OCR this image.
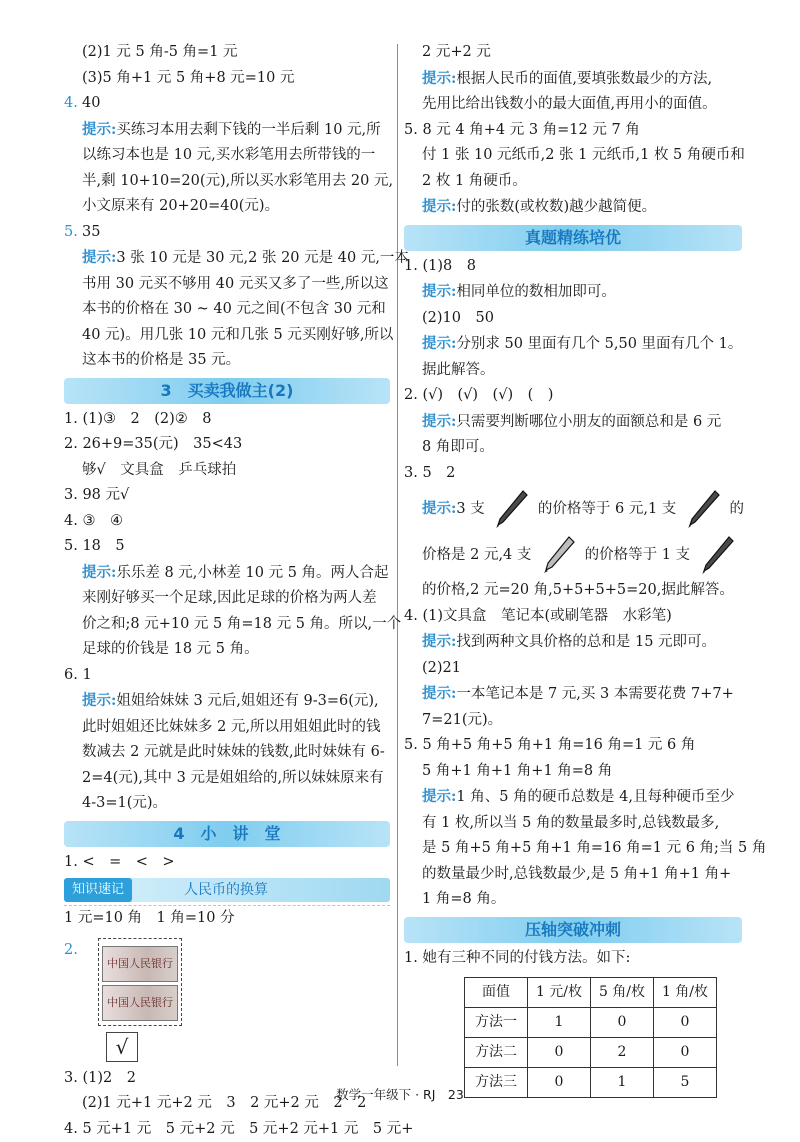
(2)1 元 5 角-5 角=1 元
(3)5 角+1 元 5 角+8 元=10 元
4. 40
提示:买练习本用去剩下钱的一半后剩 10 元,所
以练习本也是 10 元,买水彩笔用去所带钱的一
半,剩 10+10=20(元),所以买水彩笔用去 20 元,
小文原来有 20+20=40(元)。
5. 35
提示:3 张 10 元是 30 元,2 张 20 元是 40 元,一本
书用 30 元买不够用 40 元买又多了一些,所以这
本书的价格在 30 ~ 40 元之间(不包含 30 元和
40 元)。用几张 10 元和几张 5 元买刚好够,所以
这本书的价格是 35 元。
3　买卖我做主(2)
1. (1)③　2　(2)②　8
2. 26+9=35(元)　35<43
够√　文具盒　乒乓球拍
3. 98 元√
4. ③　④
5. 18　5
提示:乐乐差 8 元,小林差 10 元 5 角。两人合起
来刚好够买一个足球,因此足球的价格为两人差
价之和;8 元+10 元 5 角=18 元 5 角。所以,一个
足球的价钱是 18 元 5 角。
6. 1
提示:姐姐给妹妹 3 元后,姐姐还有 9-3=6(元),
此时姐姐还比妹妹多 2 元,所以用姐姐此时的钱
数减去 2 元就是此时妹妹的钱数,此时妹妹有 6-
2=4(元),其中 3 元是姐姐给的,所以妹妹原来有
4-3=1(元)。
4　小　讲　堂
1. <　=　<　>
知识速记	人民币的换算
1 元=10 角　1 角=10 分
2.
中国人民银行
中国人民银行
√
3. (1)2　2
(2)1 元+1 元+2 元　3　2 元+2 元　2　2
4. 5 元+1 元　5 元+2 元　5 元+2 元+1 元　5 元+
2 元+2 元
提示:根据人民币的面值,要填张数最少的方法,
先用比给出钱数小的最大面值,再用小的面值。
5. 8 元 4 角+4 元 3 角=12 元 7 角
付 1 张 10 元纸币,2 张 1 元纸币,1 枚 5 角硬币和
2 枚 1 角硬币。
提示:付的张数(或枚数)越少越简便。
真题精练培优
1. (1)8　8
提示:相同单位的数相加即可。
(2)10　50
提示:分别求 50 里面有几个 5,50 里面有几个 1。
据此解答。
2. (√)　(√)　(√)　(　)
提示:只需要判断哪位小朋友的面额总和是 6 元
8 角即可。
3. 5　2
提示:3 支	的价格等于 6 元,1 支	的
价格是 2 元,4 支	的价格等于 1 支
的价格,2 元=20 角,5+5+5+5=20,据此解答。
4. (1)文具盒　笔记本(或刷笔器　水彩笔)
提示:找到两种文具价格的总和是 15 元即可。
(2)21
提示:一本笔记本是 7 元,买 3 本需要花费 7+7+
7=21(元)。
5. 5 角+5 角+5 角+1 角=16 角=1 元 6 角
5 角+1 角+1 角+1 角=8 角
提示:1 角、5 角的硬币总数是 4,且每种硬币至少
有 1 枚,所以当 5 角的数量最多时,总钱数最多,
是 5 角+5 角+5 角+1 角=16 角=1 元 6 角;当 5 角
的数量最少时,总钱数最少,是 5 角+1 角+1 角+
1 角=8 角。
压轴突破冲刺
1. 她有三种不同的付钱方法。如下:
面值	1 元/枚	5 角/枚	1 角/枚
方法一	1	0	0
方法二	0	2	0
方法三	0	1	5
数学一年级下 · RJ　23
